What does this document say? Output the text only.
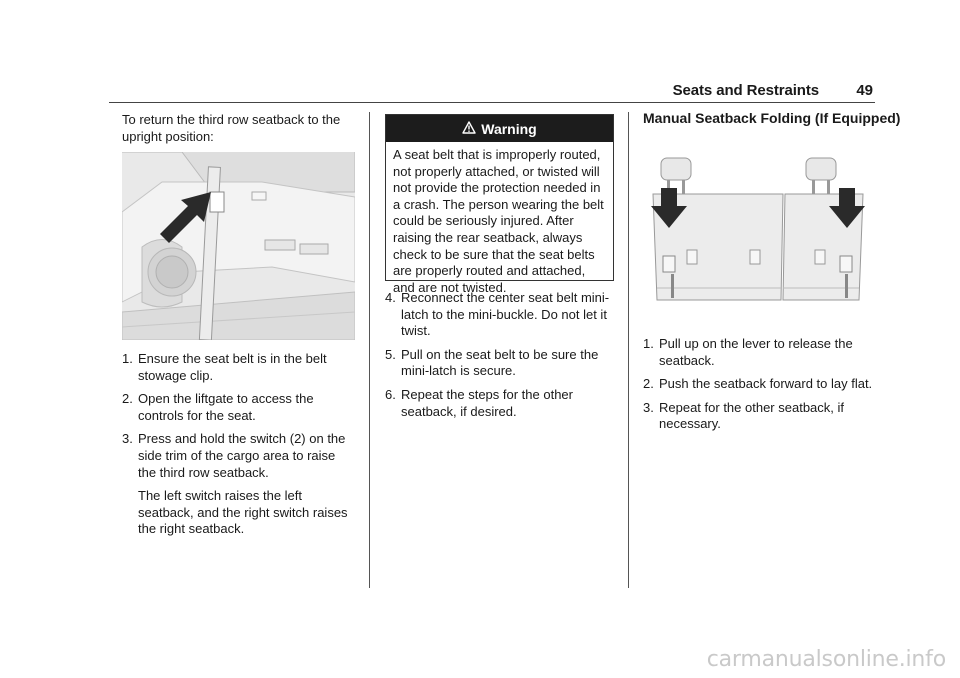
Seats and Restraints 49

To return the third row seatback to the upright position:

1. Ensure the seat belt is in the belt stowage clip.
2. Open the liftgate to access the controls for the seat.
3. Press and hold the switch (2) on the side trim of the cargo area to raise the third row seatback.
The left switch raises the left seatback, and the right switch raises the right seatback.
Warning
A seat belt that is improperly routed, not properly attached, or twisted will not provide the protection needed in a crash. The person wearing the belt could be seriously injured. After raising the rear seatback, always check to be sure that the seat belts are properly routed and attached, and are not twisted.
4. Reconnect the center seat belt mini-latch to the mini-buckle. Do not let it twist.
5. Pull on the seat belt to be sure the mini-latch is secure.
6. Repeat the steps for the other seatback, if desired.
Manual Seatback Folding (If Equipped)
1. Pull up on the lever to release the seatback.
2. Push the seatback forward to lay flat.
3. Repeat for the other seatback, if necessary.
carmanualsonline.info
